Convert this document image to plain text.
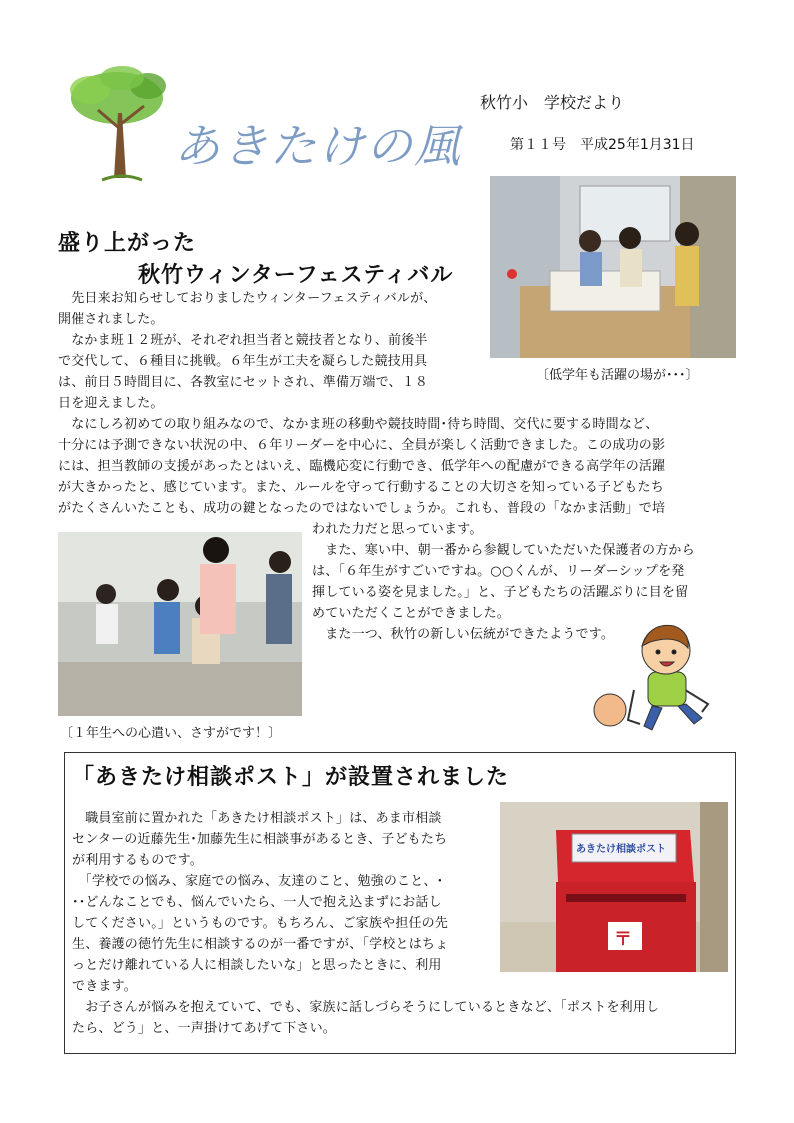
あきたけの風
秋竹小　学校だより
第１１号　平成25年1月31日
盛り上がった
秋竹ウィンターフェスティバル
〔低学年も活躍の場が･･･〕

　先日来お知らせしておりましたウィンターフェスティバルが、

開催されました。

　なかま班１２班が、それぞれ担当者と競技者となり、前後半

で交代して、６種目に挑戦。６年生が工夫を凝らした競技用具

は、前日５時間目に、各教室にセットされ、準備万端で、１８

日を迎えました。

　なにしろ初めての取り組みなので、なかま班の移動や競技時間･待ち時間、交代に要する時間など、

十分には予測できない状況の中、６年リーダーを中心に、全員が楽しく活動できました。この成功の影

には、担当教師の支援があったとはいえ、臨機応変に行動でき、低学年への配慮ができる高学年の活躍

が大きかったと、感じています。また、ルールを守って行動することの大切さを知っている子どもたち

がたくさんいたことも、成功の鍵となったのではないでしょうか。これも、普段の「なかま活動」で培

〔１年生への心遣い、さすがです！〕

われた力だと思っています。

　また、寒い中、朝一番から参観していただいた保護者の方から

は、「６年生がすごいですね。○○くんが、リーダーシップを発

揮している姿を見ました。」と、子どもたちの活躍ぶりに目を留

めていただくことができました。

　また一つ、秋竹の新しい伝統ができたようです。

「あきたけ相談ポスト」が設置されました
あきたけ相談ポスト
〒

　職員室前に置かれた「あきたけ相談ポスト」は、あま市相談

センターの近藤先生･加藤先生に相談事があるとき、子どもたち

が利用するものです。

　「学校での悩み、家庭での悩み、友達のこと、勉強のこと、･

･･どんなことでも、悩んでいたら、一人で抱え込まずにお話し

してください。」というものです。もちろん、ご家族や担任の先

生、養護の徳竹先生に相談するのが一番ですが、「学校とはちょ

っとだけ離れている人に相談したいな」と思ったときに、利用

できます。

　お子さんが悩みを抱えていて、でも、家族に話しづらそうにしているときなど、「ポストを利用し

たら、どう」と、一声掛けてあげて下さい。
